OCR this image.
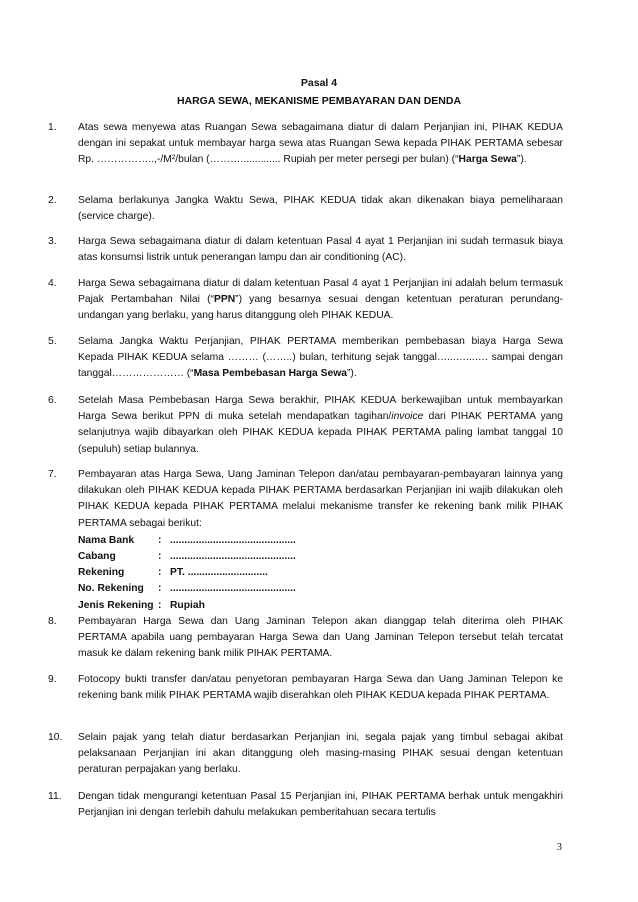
Pasal 4
HARGA SEWA, MEKANISME PEMBAYARAN DAN DENDA
1. Atas sewa menyewa atas Ruangan Sewa sebagaimana diatur di dalam Perjanjian ini, PIHAK KEDUA dengan ini sepakat untuk membayar harga sewa atas Ruangan Sewa kepada PIHAK PERTAMA sebesar Rp. ……………..,-/M²/bulan (……….............. Rupiah per meter persegi per bulan) (“Harga Sewa”).
2. Selama berlakunya Jangka Waktu Sewa, PIHAK KEDUA tidak akan dikenakan biaya pemeliharaan (service charge).
3. Harga Sewa sebagaimana diatur di dalam ketentuan Pasal 4 ayat 1 Perjanjian ini sudah termasuk biaya atas konsumsi listrik untuk penerangan lampu dan air conditioning (AC).
4. Harga Sewa sebagaimana diatur di dalam ketentuan Pasal 4 ayat 1 Perjanjian ini adalah belum termasuk Pajak Pertambahan Nilai (“PPN”) yang besarnya sesuai dengan ketentuan peraturan perundang-undangan yang berlaku, yang harus ditanggung oleh PIHAK KEDUA.
5. Selama Jangka Waktu Perjanjian, PIHAK PERTAMA memberikan pembebasan biaya Harga Sewa Kepada PIHAK KEDUA selama ……… (……..) bulan, terhitung sejak tanggal…...…...…. sampai dengan tanggal………………… (“Masa Pembebasan Harga Sewa”).
6. Setelah Masa Pembebasan Harga Sewa berakhir, PIHAK KEDUA berkewajiban untuk membayarkan Harga Sewa berikut PPN di muka setelah mendapatkan tagihan/invoice dari PIHAK PERTAMA yang selanjutnya wajib dibayarkan oleh PIHAK KEDUA kepada PIHAK PERTAMA paling lambat tanggal 10 (sepuluh) setiap bulannya.
7. Pembayaran atas Harga Sewa, Uang Jaminan Telepon dan/atau pembayaran-pembayaran lainnya yang dilakukan oleh PIHAK KEDUA kepada PIHAK PERTAMA berdasarkan Perjanjian ini wajib dilakukan oleh PIHAK KEDUA kepada PIHAK PERTAMA melalui mekanisme transfer ke rekening bank milik PIHAK PERTAMA sebagai berikut:
Nama Bank	: ............................................
Cabang	: ............................................
Rekening	: PT. ............................
No. Rekening	: ............................................
Jenis Rekening : Rupiah
8. Pembayaran Harga Sewa dan Uang Jaminan Telepon akan dianggap telah diterima oleh PIHAK PERTAMA apabila uang pembayaran Harga Sewa dan Uang Jaminan Telepon tersebut telah tercatat masuk ke dalam rekening bank milik PIHAK PERTAMA.
9. Fotocopy bukti transfer dan/atau penyetoran pembayaran Harga Sewa dan Uang Jaminan Telepon ke rekening bank milik PIHAK PERTAMA wajib diserahkan oleh PIHAK KEDUA kepada PIHAK PERTAMA.
10. Selain pajak yang telah diatur berdasarkan Perjanjian ini, segala pajak yang timbul sebagai akibat pelaksanaan Perjanjian ini akan ditanggung oleh masing-masing PIHAK sesuai dengan ketentuan peraturan perpajakan yang berlaku.
11. Dengan tidak mengurangi ketentuan Pasal 15 Perjanjian ini, PIHAK PERTAMA berhak untuk mengakhiri Perjanjian ini dengan terlebih dahulu melakukan pemberitahuan secara tertulis
3
